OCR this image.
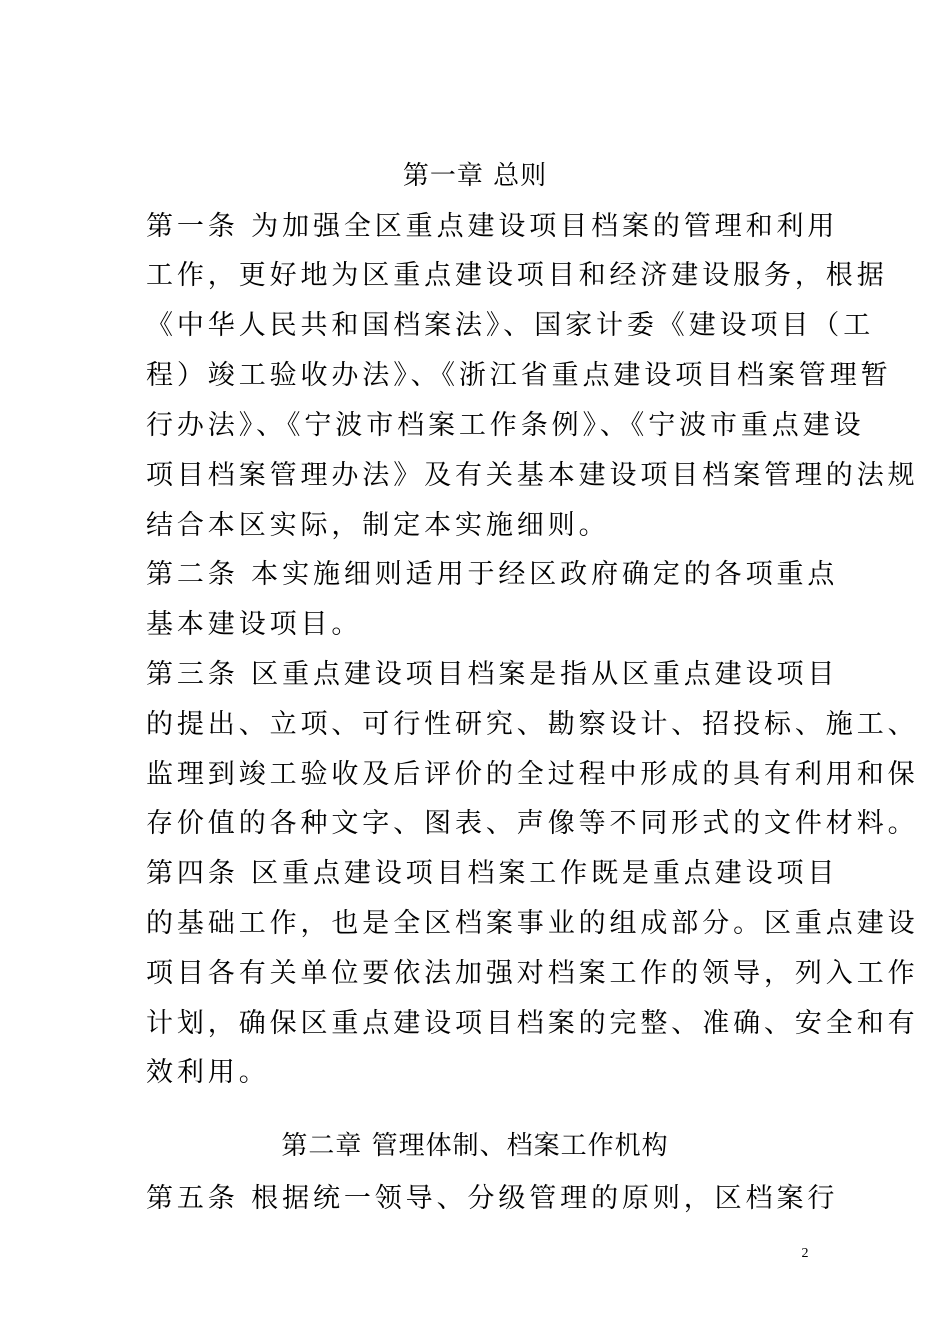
第一章 总则
第一条 为加强全区重点建设项目档案的管理和利用
工作，更好地为区重点建设项目和经济建设服务，根据
《中华人民共和国档案法》、国家计委《建设项目（工
程）竣工验收办法》、《浙江省重点建设项目档案管理暂
行办法》、《宁波市档案工作条例》、《宁波市重点建设
项目档案管理办法》及有关基本建设项目档案管理的法规
结合本区实际，制定本实施细则。
第二条 本实施细则适用于经区政府确定的各项重点
基本建设项目。
第三条 区重点建设项目档案是指从区重点建设项目
的提出、立项、可行性研究、勘察设计、招投标、施工、
监理到竣工验收及后评价的全过程中形成的具有利用和保
存价值的各种文字、图表、声像等不同形式的文件材料。
第四条 区重点建设项目档案工作既是重点建设项目
的基础工作，也是全区档案事业的组成部分。区重点建设
项目各有关单位要依法加强对档案工作的领导，列入工作
计划，确保区重点建设项目档案的完整、准确、安全和有
效利用。
第二章 管理体制、档案工作机构
第五条 根据统一领导、分级管理的原则，区档案行
2
